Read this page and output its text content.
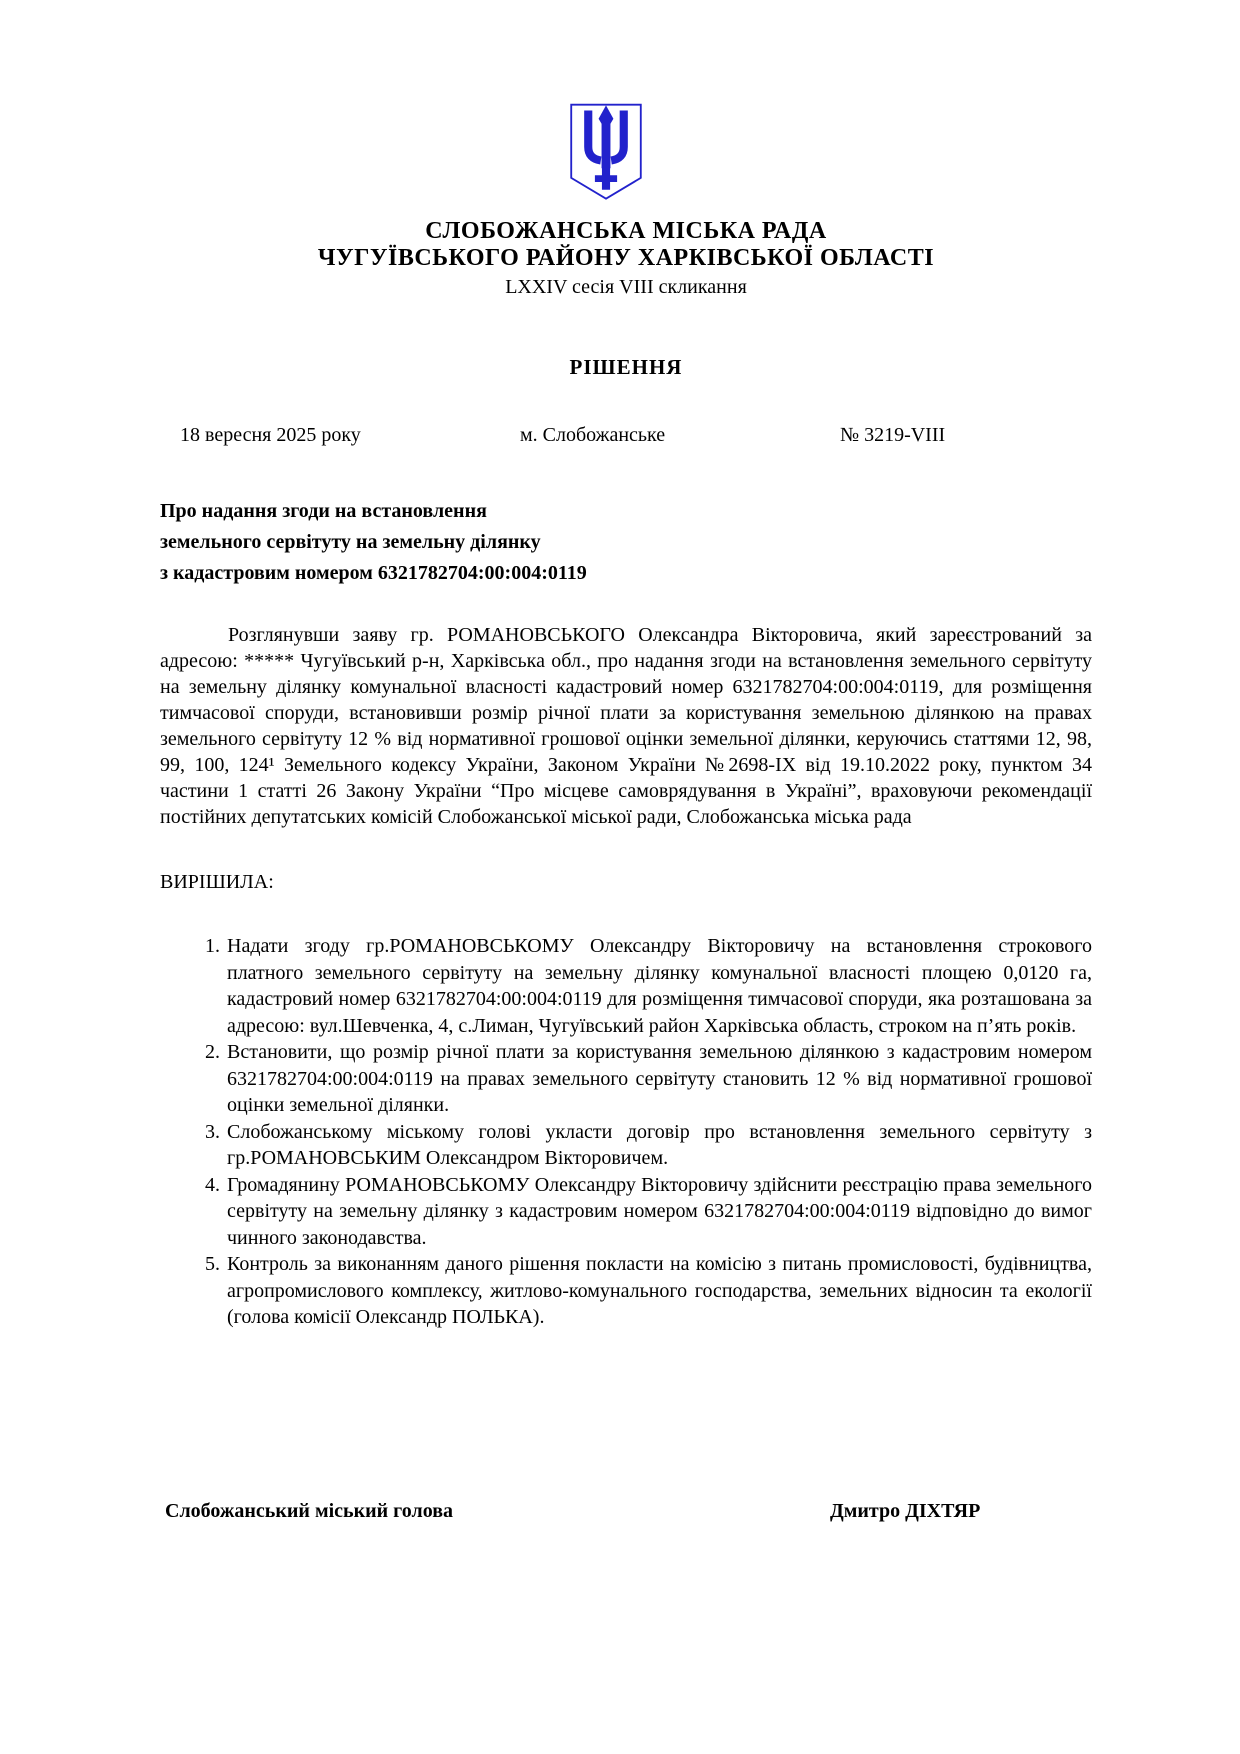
СЛОБОЖАНСЬКА МІСЬКА РАДА
ЧУГУЇВСЬКОГО РАЙОНУ ХАРКІВСЬКОЇ ОБЛАСТІ
LXXIV сесія VIII скликання
РІШЕННЯ
18 вересня 2025 року	м. Слобожанське	№ 3219-VIII
Про надання згоди на встановлення
земельного сервітуту на земельну ділянку
з кадастровим номером 6321782704:00:004:0119

Розглянувши заяву гр. РОМАНОВСЬКОГО Олександра Вікторовича, який зареєстрований за адресою: ***** Чугуївський р-н, Харківська обл., про надання згоди на встановлення земельного сервітуту на земельну ділянку комунальної власності кадастровий номер 6321782704:00:004:0119, для розміщення тимчасової споруди, встановивши розмір річної плати за користування земельною ділянкою на правах земельного сервітуту 12 % від нормативної грошової оцінки земельної ділянки, керуючись статтями 12, 98, 99, 100, 124¹ Земельного кодексу України, Законом України №2698-IX від 19.10.2022 року, пунктом 34 частини 1 статті 26 Закону України “Про місцеве самоврядування в Україні”, враховуючи рекомендації постійних депутатських комісій Слобожанської міської ради, Слобожанська міська рада

ВИРІШИЛА:

1. Надати згоду гр.РОМАНОВСЬКОМУ Олександру Вікторовичу на встановлення строкового платного земельного сервітуту на земельну ділянку комунальної власності площею 0,0120 га, кадастровий номер 6321782704:00:004:0119 для розміщення тимчасової споруди, яка розташована за адресою: вул.Шевченка, 4, с.Лиман, Чугуївський район Харківська область, строком на п’ять років.
2. Встановити, що розмір річної плати за користування земельною ділянкою з кадастровим номером 6321782704:00:004:0119 на правах земельного сервітуту становить 12 % від нормативної грошової оцінки земельної ділянки.
3. Слобожанському міському голові укласти договір про встановлення земельного сервітуту з гр.РОМАНОВСЬКИМ Олександром Вікторовичем.
4. Громадянину РОМАНОВСЬКОМУ Олександру Вікторовичу здійснити реєстрацію права земельного сервітуту на земельну ділянку з кадастровим номером 6321782704:00:004:0119 відповідно до вимог чинного законодавства.
5. Контроль за виконанням даного рішення покласти на комісію з питань промисловості, будівництва, агропромислового комплексу, житлово-комунального господарства, земельних відносин та екології (голова комісії Олександр ПОЛЬКА).
Слобожанський міський голова	Дмитро ДІХТЯР
